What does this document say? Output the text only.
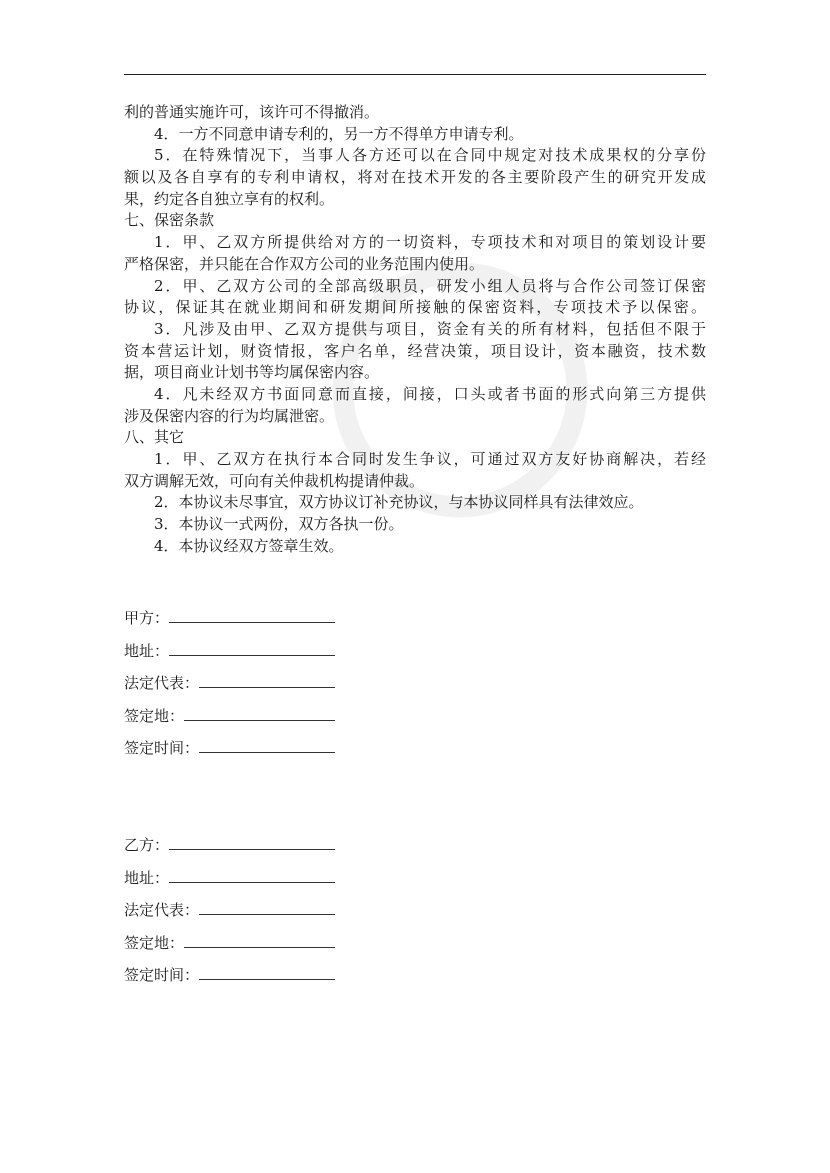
利的普通实施许可，该许可不得撤消。
4．一方不同意申请专利的，另一方不得单方申请专利。
5．在特殊情况下，当事人各方还可以在合同中规定对技术成果权的分享份
额以及各自享有的专利申请权，将对在技术开发的各主要阶段产生的研究开发成
果，约定各自独立享有的权利。
七、保密条款
1．甲、乙双方所提供给对方的一切资料，专项技术和对项目的策划设计要
严格保密，并只能在合作双方公司的业务范围内使用。
2．甲、乙双方公司的全部高级职员，研发小组人员将与合作公司签订保密
协议，保证其在就业期间和研发期间所接触的保密资料，专项技术予以保密。
3．凡涉及由甲、乙双方提供与项目，资金有关的所有材料，包括但不限于
资本营运计划，财资情报，客户名单，经营决策，项目设计，资本融资，技术数
据，项目商业计划书等均属保密内容。
4．凡未经双方书面同意而直接，间接，口头或者书面的形式向第三方提供
涉及保密内容的行为均属泄密。
八、其它
1．甲、乙双方在执行本合同时发生争议，可通过双方友好协商解决，若经
双方调解无效，可向有关仲裁机构提请仲裁。
2．本协议未尽事宜，双方协议订补充协议，与本协议同样具有法律效应。
3．本协议一式两份，双方各执一份。
4．本协议经双方签章生效。
甲方：
地址：
法定代表：
签定地：
签定时间：
乙方：
地址：
法定代表：
签定地：
签定时间：
